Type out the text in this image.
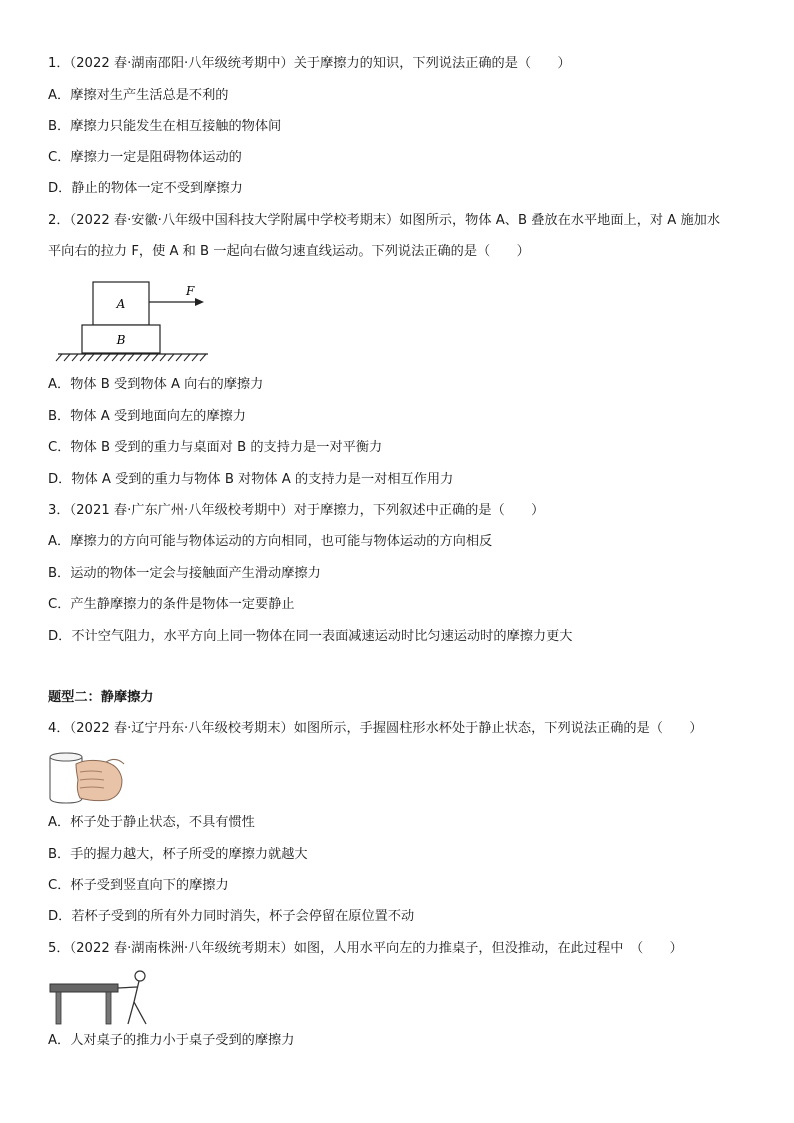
1．（2022 春·湖南邵阳·八年级统考期中）关于摩擦力的知识，下列说法正确的是（　　）
A．摩擦对生产生活总是不利的
B．摩擦力只能发生在相互接触的物体间
C．摩擦力一定是阻碍物体运动的
D．静止的物体一定不受到摩擦力
2．（2022 春·安徽·八年级中国科技大学附属中学校考期末）如图所示，物体 A、B 叠放在水平地面上，对 A 施加水
平向右的拉力 F，使 A 和 B 一起向右做匀速直线运动。下列说法正确的是（　　）
A
B
F
A．物体 B 受到物体 A 向右的摩擦力
B．物体 A 受到地面向左的摩擦力
C．物体 B 受到的重力与桌面对 B 的支持力是一对平衡力
D．物体 A 受到的重力与物体 B 对物体 A 的支持力是一对相互作用力
3．（2021 春·广东广州·八年级校考期中）对于摩擦力，下列叙述中正确的是（　　）
A．摩擦力的方向可能与物体运动的方向相同，也可能与物体运动的方向相反
B．运动的物体一定会与接触面产生滑动摩擦力
C．产生静摩擦力的条件是物体一定要静止
D．不计空气阻力，水平方向上同一物体在同一表面减速运动时比匀速运动时的摩擦力更大
题型二：静摩擦力
4．（2022 春·辽宁丹东·八年级校考期末）如图所示，手握圆柱形水杯处于静止状态，下列说法正确的是（　　）
A．杯子处于静止状态，不具有惯性
B．手的握力越大，杯子所受的摩擦力就越大
C．杯子受到竖直向下的摩擦力
D．若杯子受到的所有外力同时消失，杯子会停留在原位置不动
5．（2022 春·湖南株洲·八年级统考期末）如图，人用水平向左的力推桌子，但没推动，在此过程中　（　　）
A．人对桌子的推力小于桌子受到的摩擦力
